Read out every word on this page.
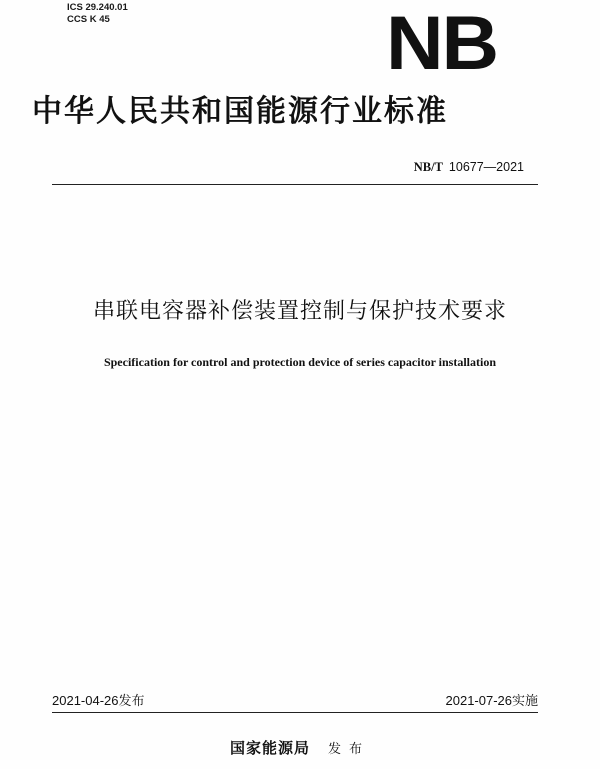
ICS 29.240.01
CCS K 45	NB
中华人民共和国能源行业标准
NB/T 10677—2021
串联电容器补偿装置控制与保护技术要求
Specification for control and protection device of series capacitor installation
2021-04-26发布	2021-07-26实施
国家能源局 发布
